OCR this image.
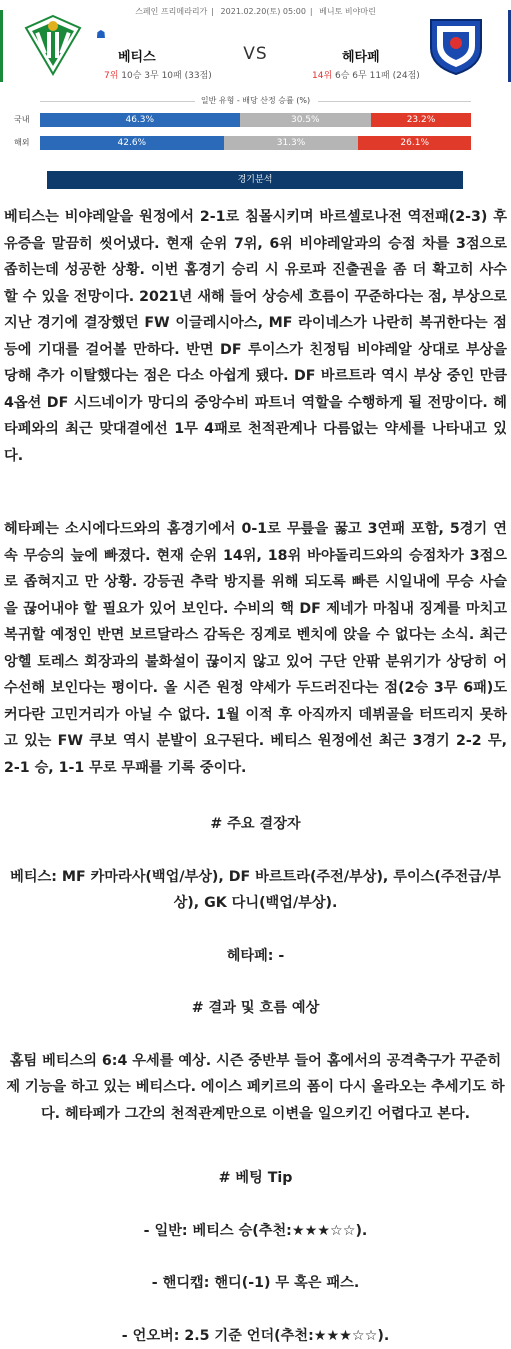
스페인 프리메라리가 | 2021.02.20(토) 05:00 | 베니토 비야마린
☗
베티스	VS	헤타페
7위 10승 3무 10패 (33점)	14위 6승 6무 11패 (24점)
일반 유형 - 배당 산정 승률 (%)
국내	46.3%	30.5%	23.2%
해외	42.6%	31.3%	26.1%
경기분석

베티스는 비야레알을 원정에서 2-1로 침몰시키며 바르셀로나전 역전패(2-3) 후유증을 말끔히 씻어냈다. 현재 순위 7위, 6위 비야레알과의 승점 차를 3점으로 좁히는데 성공한 상황. 이번 홈경기 승리 시 유로파 진출권을 좀 더 확고히 사수할 수 있을 전망이다. 2021년 새해 들어 상승세 흐름이 꾸준하다는 점, 부상으로 지난 경기에 결장했던 FW 이글레시아스, MF 라이네스가 나란히 복귀한다는 점 등에 기대를 걸어볼 만하다. 반면 DF 루이스가 친정팀 비야레알 상대로 부상을 당해 추가 이탈했다는 점은 다소 아쉽게 됐다. DF 바르트라 역시 부상 중인 만큼 4옵션 DF 시드네이가 망디의 중앙수비 파트너 역할을 수행하게 될 전망이다. 헤타페와의 최근 맞대결에선 1무 4패로 천적관계나 다름없는 약세를 나타내고 있다.

헤타페는 소시에다드와의 홈경기에서 0-1로 무릎을 꿇고 3연패 포함, 5경기 연속 무승의 늪에 빠졌다. 현재 순위 14위, 18위 바야돌리드와의 승점차가 3점으로 좁혀지고 만 상황. 강등권 추락 방지를 위해 되도록 빠른 시일내에 무승 사슬을 끊어내야 할 필요가 있어 보인다. 수비의 핵 DF 제네가 마침내 징계를 마치고 복귀할 예정인 반면 보르달라스 감독은 징계로 벤치에 앉을 수 없다는 소식. 최근 앙헬 토레스 회장과의 불화설이 끊이지 않고 있어 구단 안팎 분위기가 상당히 어수선해 보인다는 평이다. 올 시즌 원정 약세가 두드러진다는 점(2승 3무 6패)도 커다란 고민거리가 아닐 수 없다. 1월 이적 후 아직까지 데뷔골을 터뜨리지 못하고 있는 FW 쿠보 역시 분발이 요구된다. 베티스 원정에선 최근 3경기 2-2 무, 2-1 승, 1-1 무로 무패를 기록 중이다.

# 주요 결장자

베티스: MF 카마라사(백업/부상), DF 바르트라(주전/부상), 루이스(주전급/부상), GK 다니(백업/부상).

헤타페: -

# 결과 및 흐름 예상

홈팀 베티스의 6:4 우세를 예상. 시즌 중반부 들어 홈에서의 공격축구가 꾸준히 제 기능을 하고 있는 베티스다. 에이스 페키르의 폼이 다시 올라오는 추세기도 하다. 헤타페가 그간의 천적관계만으로 이변을 일으키긴 어렵다고 본다.

# 베팅 Tip

- 일반: 베티스 승(추천:★★★☆☆).

- 핸디캡: 핸디(-1) 무 혹은 패스.

- 언오버: 2.5 기준 언더(추천:★★★☆☆).
